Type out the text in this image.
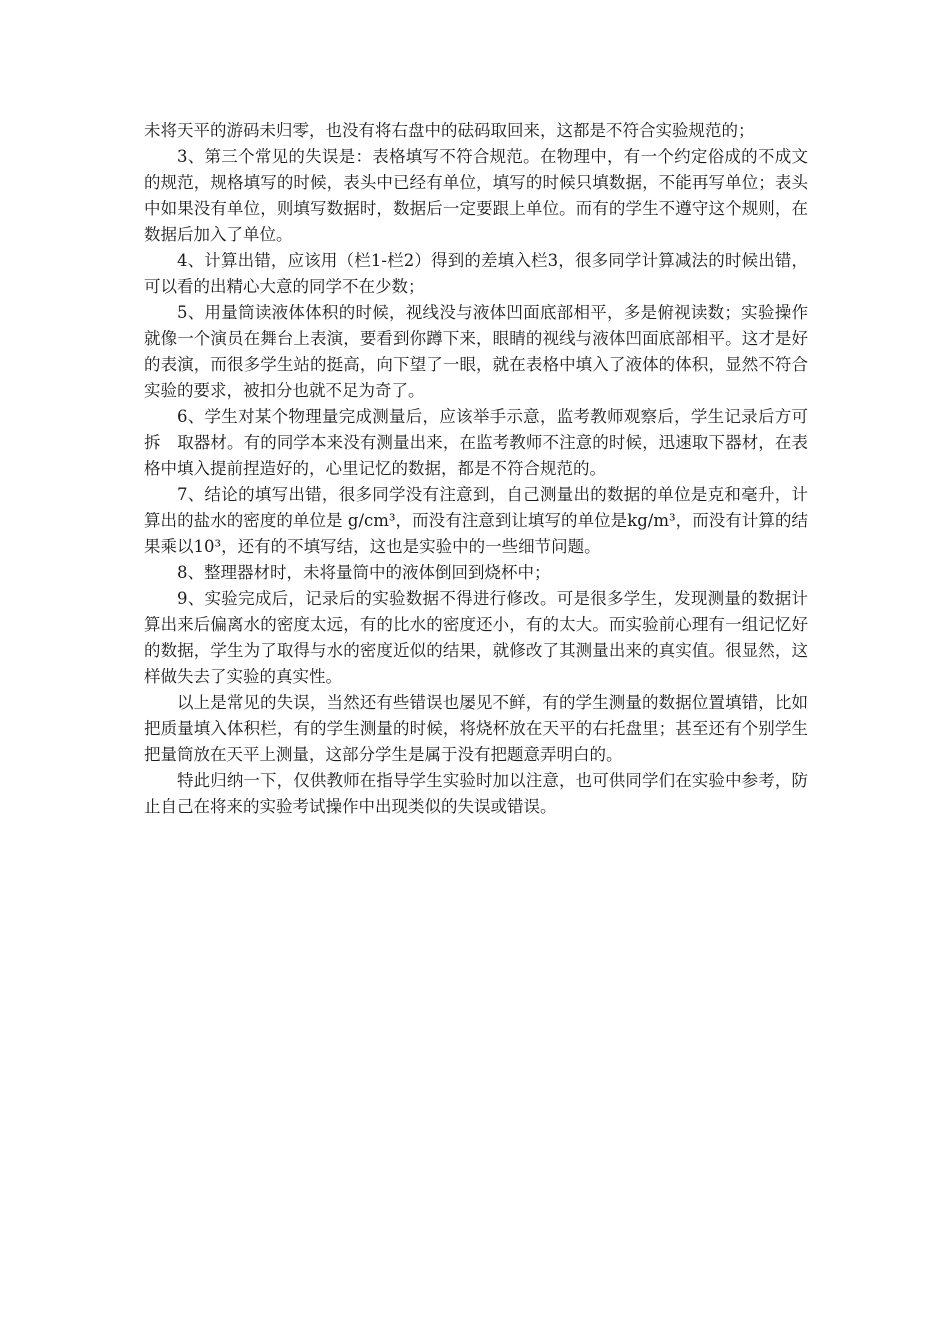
未将天平的游码未归零，也没有将右盘中的砝码取回来，这都是不符合实验规范的；

3、第三个常见的失误是：表格填写不符合规范。在物理中，有一个约定俗成的不成文的规范，规格填写的时候，表头中已经有单位，填写的时候只填数据，不能再写单位；表头中如果没有单位，则填写数据时，数据后一定要跟上单位。而有的学生不遵守这个规则，在数据后加入了单位。

4、计算出错，应该用（栏1-栏2）得到的差填入栏3，很多同学计算减法的时候出错，可以看的出精心大意的同学不在少数；

5、用量筒读液体体积的时候，视线没与液体凹面底部相平，多是俯视读数；实验操作就像一个演员在舞台上表演，要看到你蹲下来，眼睛的视线与液体凹面底部相平。这才是好的表演，而很多学生站的挺高，向下望了一眼，就在表格中填入了液体的体积，显然不符合实验的要求，被扣分也就不足为奇了。

6、学生对某个物理量完成测量后，应该举手示意，监考教师观察后，学生记录后方可拆　取器材。有的同学本来没有测量出来，在监考教师不注意的时候，迅速取下器材，在表格中填入提前捏造好的，心里记忆的数据，都是不符合规范的。

7、结论的填写出错，很多同学没有注意到，自己测量出的数据的单位是克和毫升，计算出的盐水的密度的单位是 g/cm³，而没有注意到让填写的单位是kg/m³，而没有计算的结果乘以10³，还有的不填写结，这也是实验中的一些细节问题。

8、整理器材时，未将量筒中的液体倒回到烧杯中；

9、实验完成后，记录后的实验数据不得进行修改。可是很多学生，发现测量的数据计算出来后偏离水的密度太远，有的比水的密度还小，有的太大。而实验前心理有一组记忆好的数据，学生为了取得与水的密度近似的结果，就修改了其测量出来的真实值。很显然，这样做失去了实验的真实性。

以上是常见的失误，当然还有些错误也屡见不鲜，有的学生测量的数据位置填错，比如把质量填入体积栏，有的学生测量的时候，将烧杯放在天平的右托盘里；甚至还有个别学生把量筒放在天平上测量，这部分学生是属于没有把题意弄明白的。

特此归纳一下，仅供教师在指导学生实验时加以注意，也可供同学们在实验中参考，防止自己在将来的实验考试操作中出现类似的失误或错误。
